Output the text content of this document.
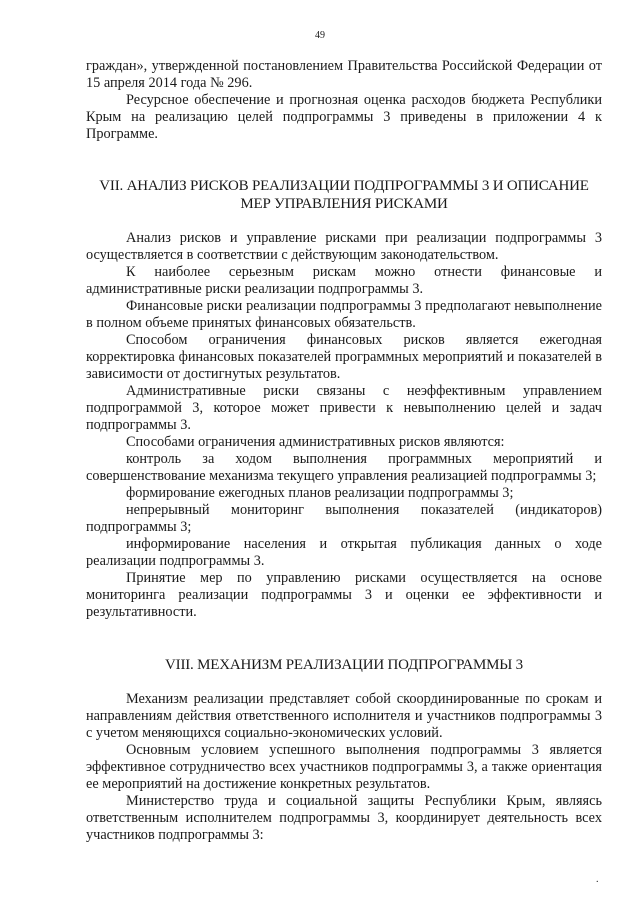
49

граждан», утвержденной постановлением Правительства Российской Федерации от 15 апреля 2014 года № 296.

Ресурсное обеспечение и прогнозная оценка расходов бюджета Республики Крым на реализацию целей подпрограммы 3 приведены в приложении 4 к Программе.

VII. АНАЛИЗ РИСКОВ РЕАЛИЗАЦИИ ПОДПРОГРАММЫ 3 И ОПИСАНИЕ МЕР УПРАВЛЕНИЯ РИСКАМИ

Анализ рисков и управление рисками при реализации подпрограммы 3 осуществляется в соответствии с действующим законодательством.

К наиболее серьезным рискам можно отнести финансовые и административные риски реализации подпрограммы 3.

Финансовые риски реализации подпрограммы 3 предполагают невыполнение в полном объеме принятых финансовых обязательств.

Способом ограничения финансовых рисков является ежегодная корректировка финансовых показателей программных мероприятий и показателей в зависимости от достигнутых результатов.

Административные риски связаны с неэффективным управлением подпрограммой 3, которое может привести к невыполнению целей и задач подпрограммы 3.

Способами ограничения административных рисков являются:

контроль за ходом выполнения программных мероприятий и совершенствование механизма текущего управления реализацией подпрограммы 3;

формирование ежегодных планов реализации подпрограммы 3;

непрерывный мониторинг выполнения показателей (индикаторов) подпрограммы 3;

информирование населения и открытая публикация данных о ходе реализации подпрограммы 3.

Принятие мер по управлению рисками осуществляется на основе мониторинга реализации подпрограммы 3 и оценки ее эффективности и результативности.

VIII. МЕХАНИЗМ РЕАЛИЗАЦИИ ПОДПРОГРАММЫ 3

Механизм реализации представляет собой скоординированные по срокам и направлениям действия ответственного исполнителя и участников подпрограммы 3 с учетом меняющихся социально-экономических условий.

Основным условием успешного выполнения подпрограммы 3 является эффективное сотрудничество всех участников подпрограммы 3, а также ориентация ее мероприятий на достижение конкретных результатов.

Министерство труда и социальной защиты Республики Крым, являясь ответственным исполнителем подпрограммы 3, координирует деятельность всех участников подпрограммы 3:

.
